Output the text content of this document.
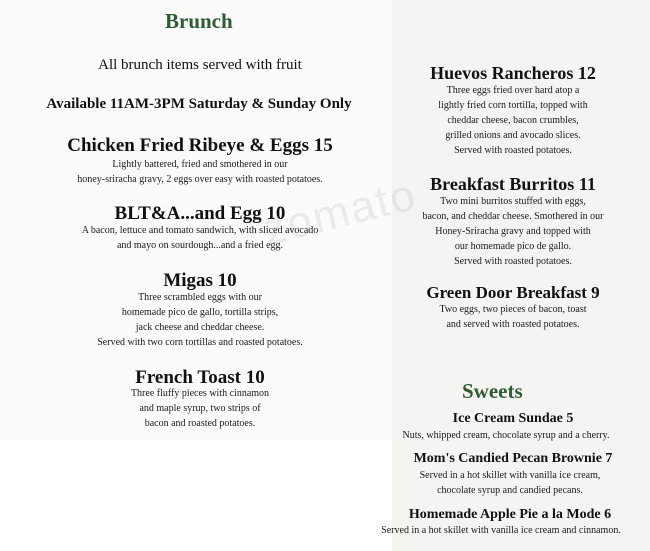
zomato
Brunch
All brunch items served with fruit
Available 11AM-3PM Saturday & Sunday Only
Chicken Fried Ribeye & Eggs 15
Lightly battered, fried and smothered in our
honey-sriracha gravy, 2 eggs over easy with roasted potatoes.
BLT&A...and Egg 10
A bacon, lettuce and tomato sandwich, with sliced avocado
and mayo on sourdough...and a fried egg.
Migas 10
Three scrambled eggs with our
homemade pico de gallo, tortilla strips,
jack cheese and cheddar cheese.
Served with two corn tortillas and roasted potatoes.
French Toast 10
Three fluffy pieces with cinnamon
and maple syrup, two strips of
bacon and roasted potatoes.
Huevos Rancheros 12
Three eggs fried over hard atop a
lightly fried corn tortilla, topped with
cheddar cheese, bacon crumbles,
grilled onions and avocado slices.
Served with roasted potatoes.
Breakfast Burritos 11
Two mini burritos stuffed with eggs,
bacon, and cheddar cheese. Smothered in our
Honey-Sriracha gravy and topped with
our homemade pico de gallo.
Served with roasted potatoes.
Green Door Breakfast 9
Two eggs, two pieces of bacon, toast
and served with roasted potatoes.
Sweets
Ice Cream Sundae 5
Nuts, whipped cream, chocolate syrup and a cherry.
Mom's Candied Pecan Brownie 7
Served in a hot skillet with vanilla ice cream,
chocolate syrup and candied pecans.
Homemade Apple Pie a la Mode 6
Served in a hot skillet with vanilla ice cream and cinnamon.
